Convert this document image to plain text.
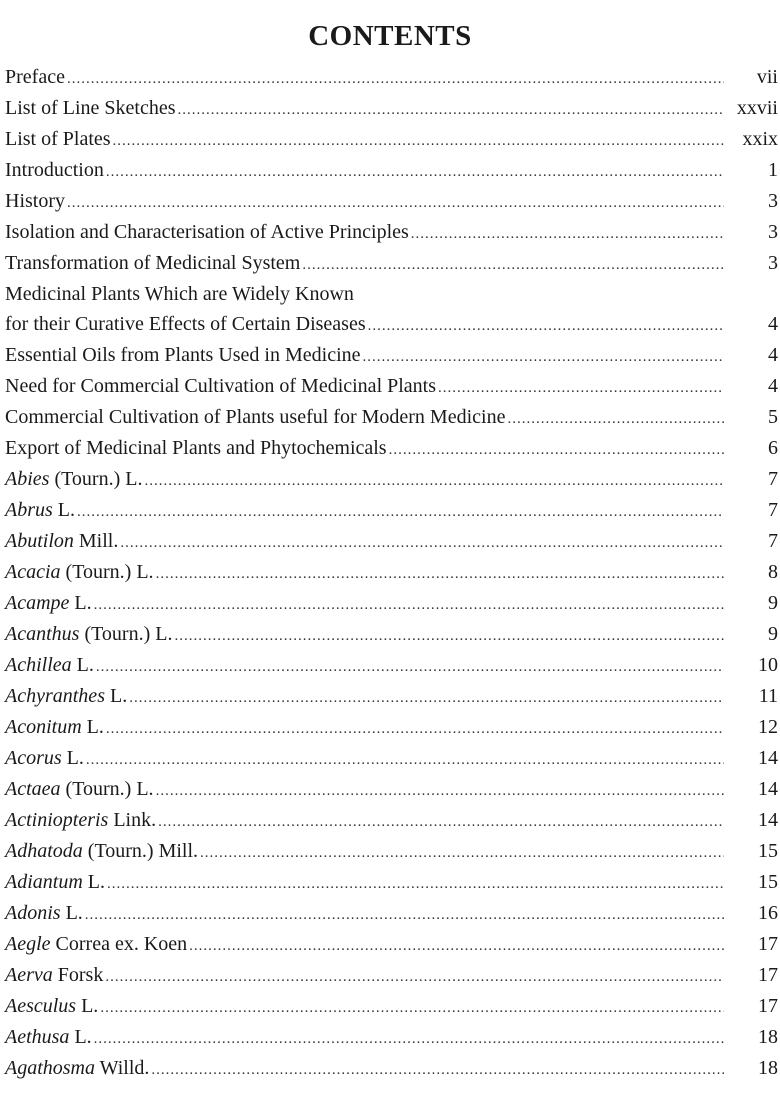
CONTENTS
Preface .....	vii
List of Line Sketches .....	xxvii
List of Plates .....	xxix
Introduction .....	1
History .....	3
Isolation and Characterisation of Active Principles .....	3
Transformation of Medicinal System .....	3
Medicinal Plants Which are Widely Known
for their Curative Effects of Certain Diseases .....	4
Essential Oils from Plants Used in Medicine .....	4
Need for Commercial Cultivation of Medicinal Plants .....	4
Commercial Cultivation of Plants useful for Modern Medicine .....	5
Export of Medicinal Plants and Phytochemicals .....	6
Abies (Tourn.) L. .....	7
Abrus L. .....	7
Abutilon Mill. .....	7
Acacia (Tourn.) L. .....	8
Acampe L. .....	9
Acanthus (Tourn.) L. .....	9
Achillea L. .....	10
Achyranthes L. .....	11
Aconitum L. .....	12
Acorus L. .....	14
Actaea (Tourn.) L. .....	14
Actiniopteris Link. .....	14
Adhatoda (Tourn.) Mill. .....	15
Adiantum L. .....	15
Adonis L. .....	16
Aegle Correa ex. Koen .....	17
Aerva Forsk .....	17
Aesculus L. .....	17
Aethusa L. .....	18
Agathosma Willd. .....	18
